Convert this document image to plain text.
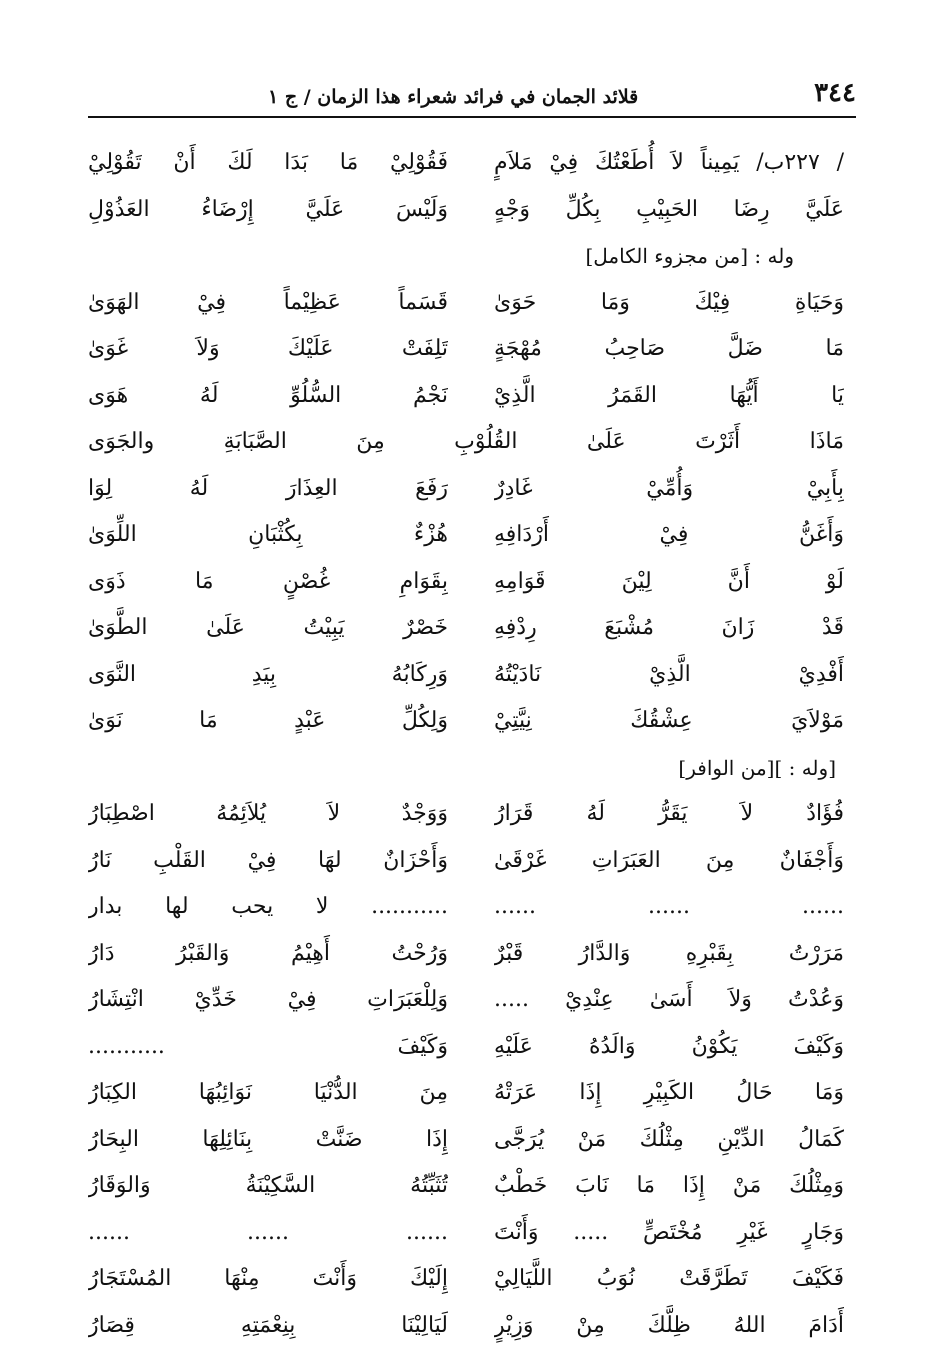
٣٤٤
قلائد الجمان في فرائد شعراء هذا الزمان / ج ١
/ ٢٢٧ب/ يَمِيناً لاَ أُطَعْتُكَ فِيْ مَلاَمٍ
فَقُوْلِيْ مَا بَدَا لَكَ أَنْ تَقُوْلِيْ
عَلَيَّ رِضَا الحَبِيْبِ بِكُلِّ وَجْهٍ
وَلَيْسَ عَلَيَّ إِرْضَاءُ العَذُوْلِ
وله : [من مجزوء الكامل]
وَحَيَاةِ فِيْكَ وَمَا حَوَىٰ
قَسَماً عَظِيْماً فِيْ الهَوَىٰ
مَا ضَلَّ صَاحِبُ مُهْجَةٍ
تَلِفَتْ عَلَيْكَ وَلاَ غَوَىٰ
يَا أَيُّهَا القَمَرُ الَّذِيْ
نَجْمُ السُّلُوِّ لَهُ هَوَى
مَاذَا أَثَرْتَ عَلَىٰ القُلُوْبِ مِنَ الصَّبَابَةِ والجَوَى
بِأَبِيْ وَأُمِّيْ غَادِرٌ
رَفَعَ العِذَارَ لَهُ لِوَا
وَأَغَنُّ فِيْ أَرْدَافِهِ
هُزْءٌ بِكُثْبَانِ اللِّوَىٰ
لَوْ أَنَّ لِيْنَ قَوَامِهِ
بِقَوَامِ غُصْنٍ مَا ذَوَى
قَدْ زَانَ مُشْبَعَ رِدْفِهِ
خَصْرٌ يَبِيْتُ عَلَىٰ الطَّوَىٰ
أَفْدِيْ الَّذِيْ نَادَيْتُهُ
وَرِكَابُهُ بِيَدِ النَّوَى
مَوْلاَيَ عِشْقُكَ نِيَّتِيْ
وَلِكُلِّ عَبْدٍ مَا نَوَىٰ
[وله : ][من الوافر]
فُؤَادٌ لاَ يَقَرُّ لَهُ قَرَارُ
وَوَجْدٌ لاَ يُلاَئِمُهُ اصْطِبَارُ
وَأَجْفَانٌ مِنَ العَبَرَاتِ غَرْقَىٰ
وَأَحْزَانٌ لهَا فِيْ القَلْبِ نَارُ
...... ...... ......
........... لا يحب لها بدار
مَرَرْتُ بِقَبْرِهِ وَالدَّارُ قَبْرٌ
وَرُحْتُ أَهِيْمُ وَالقَبْرُ دَارُ
وَعُدْتُ وَلاَ أَسَىٰ عِنْدِيْ .....
وَلِلْعَبَرَاتِ فِيْ خَدِّيْ انْتِشَارُ
وَكَيْفَ يَكُوْنُ وَالَدُهُ عَلَيْهِ
وَكَيْفَ ...........
وَمَا حَالُ الكَبِيْرِ إِذَا عَرَتْهُ
مِنَ الدُّنْيَا نَوَائِبُهَا الكِبَارُ
كَمَالُ الدِّيْنِ مِثْلُكَ مَنْ يُرَجَّى
إِذَا ضَنَّتْ بِنَائِلِهَا البِحَارُ
وَمِثْلُكَ مَنْ إِذَا مَا نَابَ خَطْبٌ
تُثَبِّتُهُ السَّكِيْنَةُ وَالوَقَارُ
وَجَارٍ غَيْرِ مُخْتَصٍّ ..... وَأَنْتَ
...... ...... ......
فَكَيْفَ تَطَرَّقَتْ نُوَبُ اللَّيَالِيْ
إِلَيْكَ وَأَنْتَ مِنْهَا المُسْتَجَارُ
أَدَامَ اللهُ ظِلَّكَ مِنْ وَزِيْرٍ
لَيَالِيْنَا بِنِعْمَتِهِ قِصَارُ
